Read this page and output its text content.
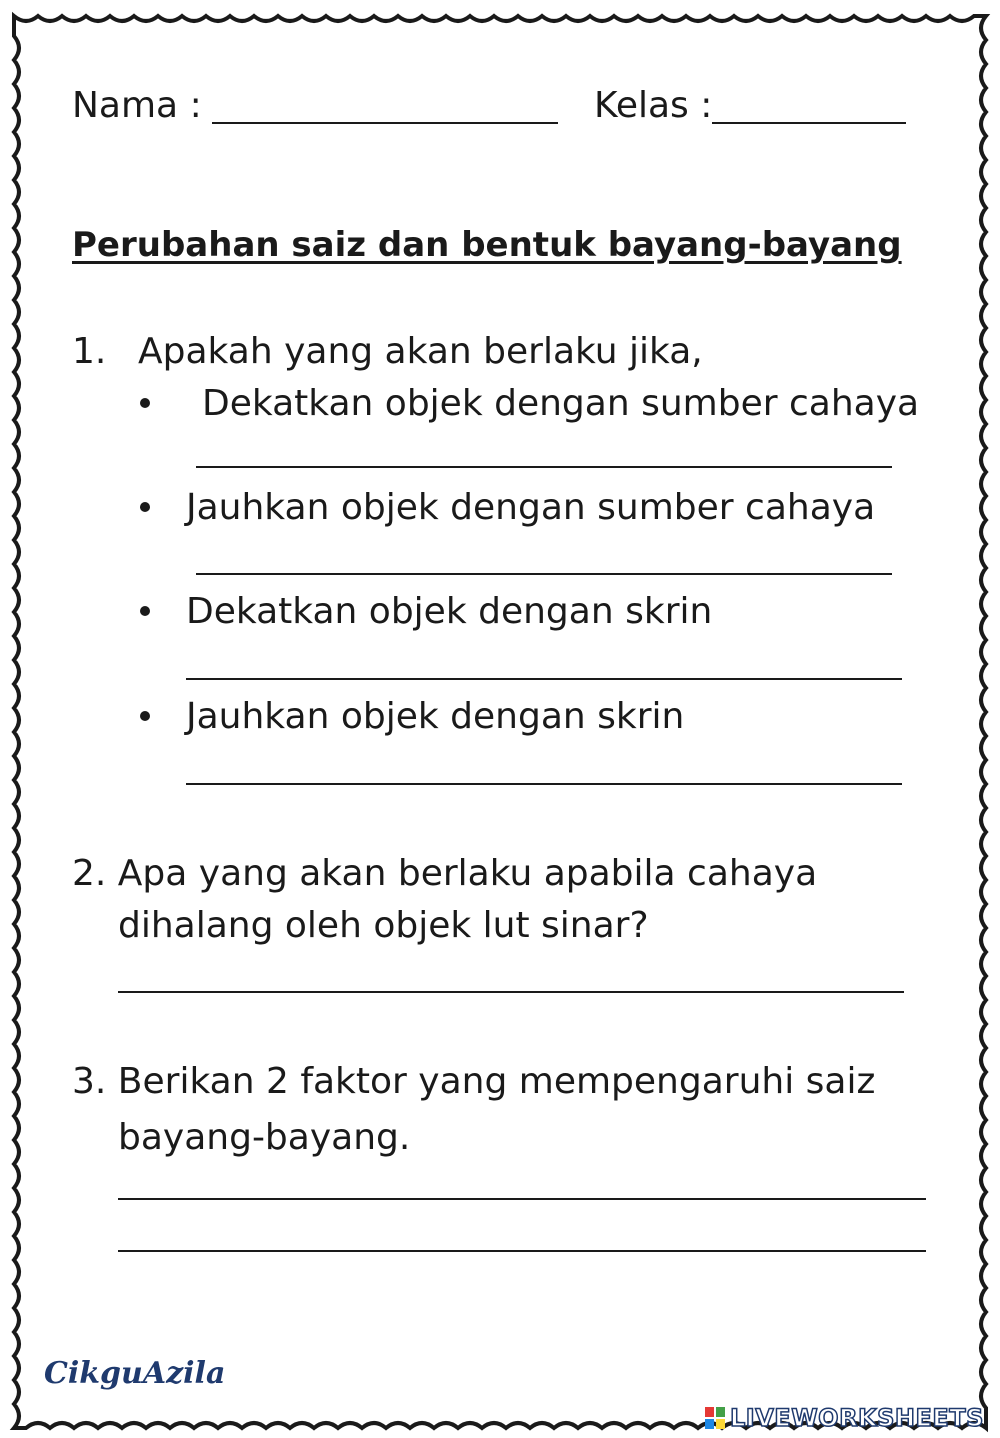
Nama :	Kelas :
Perubahan saiz dan bentuk bayang-bayang
1. Apakah yang akan berlaku jika,
Dekatkan objek dengan sumber cahaya
Jauhkan objek dengan sumber cahaya
Dekatkan objek dengan skrin
Jauhkan objek dengan skrin
2. Apa yang akan berlaku apabila cahaya
dihalang oleh objek lut sinar?
3. Berikan 2 faktor yang mempengaruhi saiz
bayang-bayang.
CikguAzila
LIVEWORKSHEETS
